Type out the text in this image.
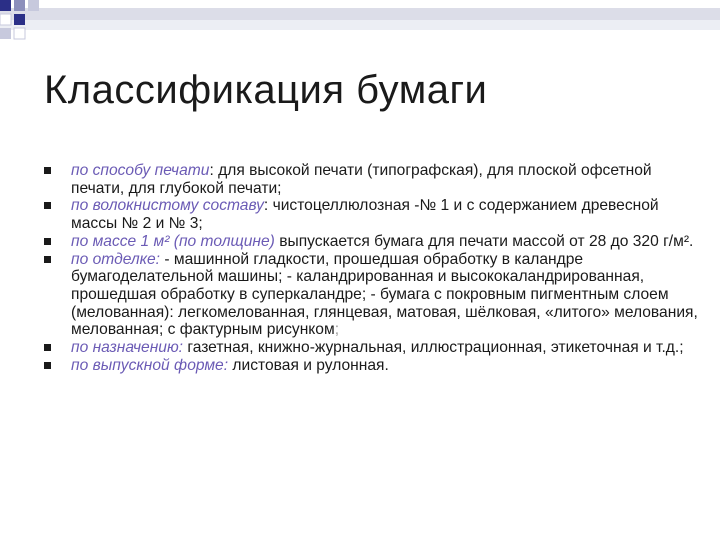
Классификация бумаги
по способу печати: для высокой печати (типографская), для плоской офсетной печати, для глубокой печати;
по волокнистому составу: чистоцеллюлозная -№ 1 и с содержанием древесной массы № 2 и № 3;
по массе 1 м² (по толщине) выпускается бумага для печати массой от 28 до 320 г/м².
по отделке: - машинной гладкости, прошедшая обработку в каландре бумагоделательной машины; - каландрированная и высококаландрированная, прошедшая обработку в суперкаландре; - бумага с покровным пигментным слоем (мелованная): легкомелованная, глянцевая, матовая, шёлковая, «литого» мелования, мелованная; с фактурным рисунком;
по назначению: газетная, книжно-журнальная, иллюстрационная, этикеточная и т.д.;
по выпускной форме: листовая и рулонная.
